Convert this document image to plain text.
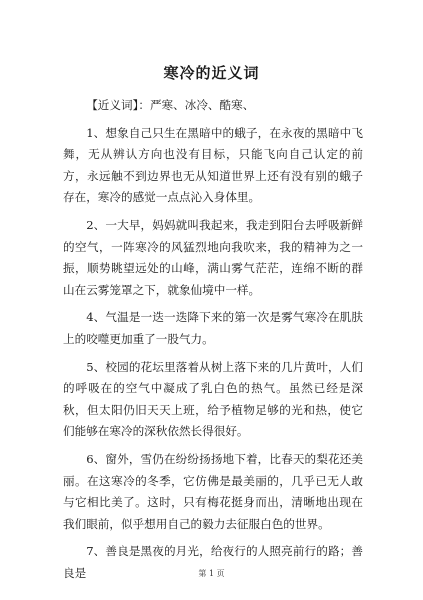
寒冷的近义词

【近义词】：严寒、冰冷、酷寒、

1、想象自己只生在黑暗中的蛾子，在永夜的黑暗中飞舞，无从辨认方向也没有目标，只能飞向自己认定的前方，永远触不到边界也无从知道世界上还有没有别的蛾子存在，寒冷的感觉一点点沁入身体里。

2、一大早，妈妈就叫我起来，我走到阳台去呼吸新鲜的空气，一阵寒冷的风猛烈地向我吹来，我的精神为之一振，顺势眺望远处的山峰，满山雾气茫茫，连绵不断的群山在云雾笼罩之下，就象仙境中一样。

4、气温是一迭一迭降下来的第一次是雾气寒冷在肌肤上的咬噬更加重了一股气力。

5、校园的花坛里落着从树上落下来的几片黄叶，人们的呼吸在的空气中凝成了乳白色的热气。虽然已经是深秋，但太阳仍旧天天上班，给予植物足够的光和热，使它们能够在寒冷的深秋依然长得很好。

6、窗外，雪仍在纷纷扬扬地下着，比春天的梨花还美丽。在这寒冷的冬季，它仿佛是最美丽的，几乎已无人敢与它相比美了。这时，只有梅花挺身而出，清晰地出现在我们眼前，似乎想用自己的毅力去征服白色的世界。

7、善良是黑夜的月光，给夜行的人照亮前行的路；善良是	第 1 页
